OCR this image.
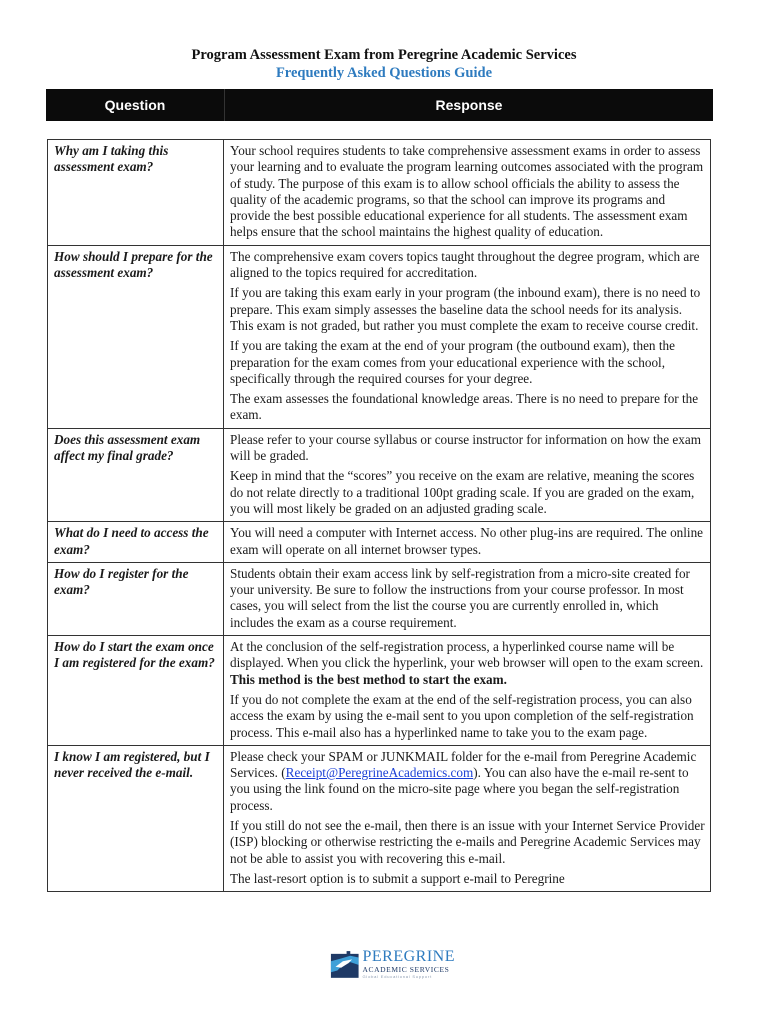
Program Assessment Exam from Peregrine Academic Services
Frequently Asked Questions Guide
Question	Response
Why am I taking this assessment exam?	Your school requires students to take comprehensive assessment exams in order to assess your learning and to evaluate the program learning outcomes associated with the program of study. The purpose of this exam is to allow school officials the ability to assess the quality of the academic programs, so that the school can improve its programs and provide the best possible educational experience for all students. The assessment exam helps ensure that the school maintains the highest quality of education.

How should I prepare for the assessment exam?	The comprehensive exam covers topics taught throughout the degree program, which are aligned to the topics required for accreditation.

If you are taking this exam early in your program (the inbound exam), there is no need to prepare. This exam simply assesses the baseline data the school needs for its analysis. This exam is not graded, but rather you must complete the exam to receive course credit.

If you are taking the exam at the end of your program (the outbound exam), then the preparation for the exam comes from your educational experience with the school, specifically through the required courses for your degree.

The exam assesses the foundational knowledge areas. There is no need to prepare for the exam.

Does this assessment exam affect my final grade?	Please refer to your course syllabus or course instructor for information on how the exam will be graded.

Keep in mind that the “scores” you receive on the exam are relative, meaning the scores do not relate directly to a traditional 100pt grading scale. If you are graded on the exam, you will most likely be graded on an adjusted grading scale.

What do I need to access the exam?	You will need a computer with Internet access. No other plug-ins are required. The online exam will operate on all internet browser types.

How do I register for the exam?	Students obtain their exam access link by self-registration from a micro-site created for your university. Be sure to follow the instructions from your course professor. In most cases, you will select from the list the course you are currently enrolled in, which includes the exam as a course requirement.

How do I start the exam once I am registered for the exam?	At the conclusion of the self-registration process, a hyperlinked course name will be displayed. When you click the hyperlink, your web browser will open to the exam screen. This method is the best method to start the exam.

If you do not complete the exam at the end of the self-registration process, you can also access the exam by using the e-mail sent to you upon completion of the self-registration process. This e-mail also has a hyperlinked name to take you to the exam page.

I know I am registered, but I never received the e-mail.	Please check your SPAM or JUNKMAIL folder for the e-mail from Peregrine Academic Services. (Receipt@PeregrineAcademics.com). You can also have the e-mail re-sent to you using the link found on the micro-site page where you began the self-registration process.

If you still do not see the e-mail, then there is an issue with your Internet Service Provider (ISP) blocking or otherwise restricting the e-mails and Peregrine Academic Services may not be able to assist you with recovering this e-mail.

The last-resort option is to submit a support e-mail to Peregrine

PEREGRINE
ACADEMIC SERVICES
Global Educational Support
